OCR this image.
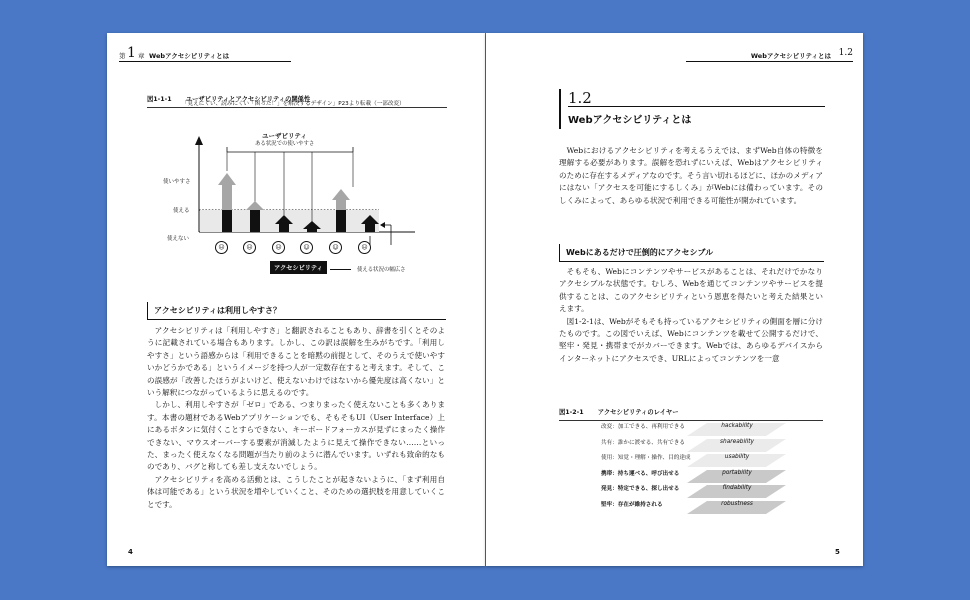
第 1 章 Webアクセシビリティとは
図1-1-1 ユーザビリティとアクセシビリティの関係性
「見えにくい、読みにくい「困った！」を解決するデザイン」P23より転載（一部改変）
使いやすさ
使える
使えない
ユーザビリティ
ある状況での使いやすさ
☹	☹	☹	☺	☺	☹
アクセシビリティ	使える状況の幅広さ
アクセシビリティは利用しやすさ？

アクセシビリティは「利用しやすさ」と翻訳されることもあり、辞書を引くとそのように記載されている場合もあります。しかし、この訳は誤解を生みがちです。「利用しやすさ」という語感からは「利用できることを暗黙の前提として、そのうえで使いやすいかどうかである」というイメージを持つ人が一定数存在すると考えます。そして、この誤感が「改善したほうがよいけど、使えないわけではないから優先度は高くない」という解釈につながっているように思えるのです。

しかし、利用しやすさが「ゼロ」である、つまりまったく使えないことも多くあります。本書の題材であるWebアプリケーションでも、そもそもUI（User Interface）上にあるボタンに気付くことすらできない、キーボードフォーカスが見ずにまったく操作できない、マウスオーバーする要素が消滅したように見えて操作できない……といった、まったく使えなくなる問題が当たり前のように潜んでいます。いずれも致命的なものであり、バグと称しても差し支えないでしょう。

アクセシビリティを高める活動とは、こうしたことが起きないように、「まず利用自体は可能である」という状況を増やしていくこと、そのための選択肢を用意していくことです。

4
Webアクセシビリティとは 1.2
1.2
Webアクセシビリティとは

Webにおけるアクセシビリティを考えるうえでは、まずWeb自体の特徴を理解する必要があります。誤解を恐れずにいえば、Webはアクセシビリティのために存在するメディアなのです。そう言い切れるほどに、ほかのメディアにはない「アクセスを可能にするしくみ」がWebには備わっています。そのしくみによって、あらゆる状況で利用できる可能性が開かれています。

Webにあるだけで圧倒的にアクセシブル

そもそも、Webにコンテンツやサービスがあることは、それだけでかなりアクセシブルな状態です。むしろ、Webを通じてコンテンツやサービスを提供することは、このアクセシビリティという恩恵を得たいと考えた結果といえます。

図1-2-1は、Webがそもそも持っているアクセシビリティの側面を層に分けたものです。この図でいえば、Webにコンテンツを載せて公開するだけで、堅牢・発見・携帯までがカバーできます。Webでは、あらゆるデバイスからインターネットにアクセスでき、URLによってコンテンツを一意

図1-2-1 アクセシビリティのレイヤー
改変：加工できる、再利用できる
共有：誰かに渡せる、共有できる
使用：知覚・理解・操作、目的達成
携帯：持ち運べる、呼び出せる
発見：特定できる、探し出せる
堅牢：存在が維持される
hackability
shareability
usability
portability
findability
robustness
5
